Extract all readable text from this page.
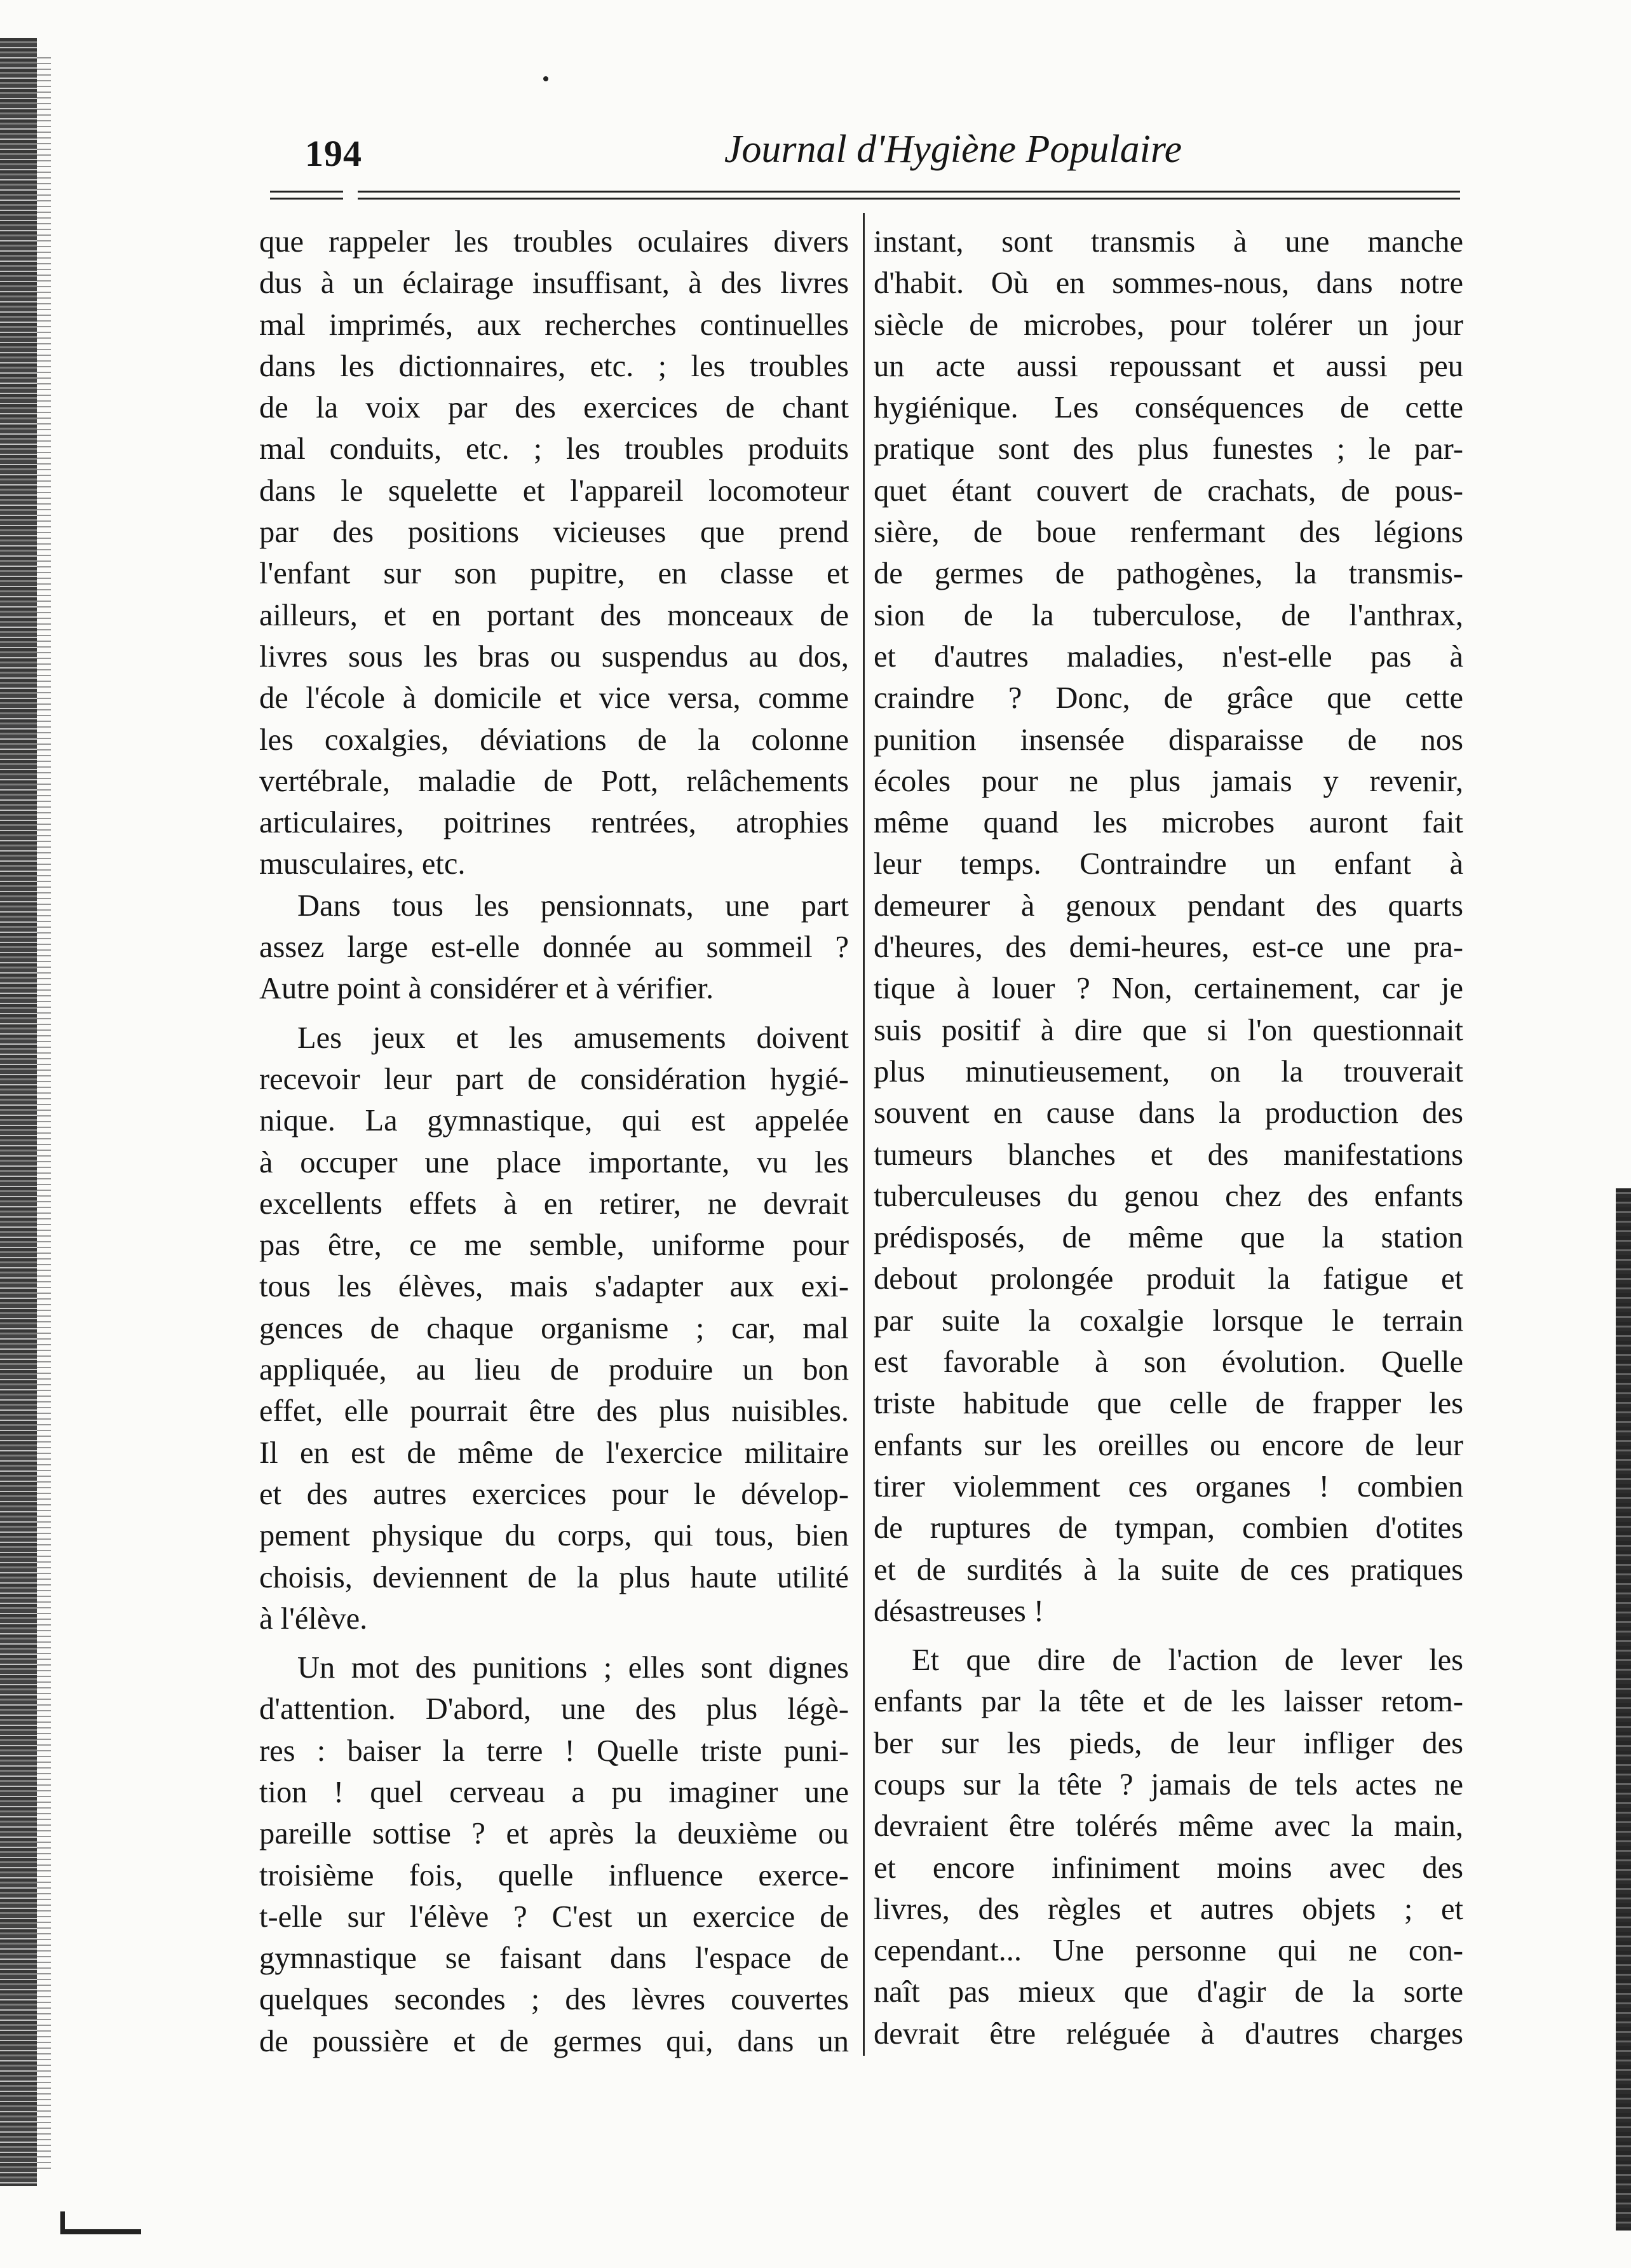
194	Journal d'Hygiène Populaire
que rappeler les troubles oculaires divers
dus à un éclairage insuffisant, à des livres
mal imprimés, aux recherches continuelles
dans les dictionnaires, etc. ; les troubles
de la voix par des exercices de chant
mal conduits, etc. ; les troubles produits
dans le squelette et l'appareil locomoteur
par des positions vicieuses que prend
l'enfant sur son pupitre, en classe et
ailleurs, et en portant des monceaux de
livres sous les bras ou suspendus au dos,
de l'école à domicile et vice versa, comme
les coxalgies, déviations de la colonne
vertébrale, maladie de Pott, relâchements
articulaires, poitrines rentrées, atrophies
musculaires, etc.
Dans tous les pensionnats, une part
assez large est-elle donnée au sommeil ?
Autre point à considérer et à vérifier.
Les jeux et les amusements doivent
recevoir leur part de considération hygié-
nique. La gymnastique, qui est appelée
à occuper une place importante, vu les
excellents effets à en retirer, ne devrait
pas être, ce me semble, uniforme pour
tous les élèves, mais s'adapter aux exi-
gences de chaque organisme ; car, mal
appliquée, au lieu de produire un bon
effet, elle pourrait être des plus nuisibles.
Il en est de même de l'exercice militaire
et des autres exercices pour le dévelop-
pement physique du corps, qui tous, bien
choisis, deviennent de la plus haute utilité
à l'élève.
Un mot des punitions ; elles sont dignes
d'attention. D'abord, une des plus légè-
res : baiser la terre ! Quelle triste puni-
tion ! quel cerveau a pu imaginer une
pareille sottise ? et après la deuxième ou
troisième fois, quelle influence exerce-
t-elle sur l'élève ? C'est un exercice de
gymnastique se faisant dans l'espace de
quelques secondes ; des lèvres couvertes
de poussière et de germes qui, dans un
instant, sont transmis à une manche
d'habit. Où en sommes-nous, dans notre
siècle de microbes, pour tolérer un jour
un acte aussi repoussant et aussi peu
hygiénique. Les conséquences de cette
pratique sont des plus funestes ; le par-
quet étant couvert de crachats, de pous-
sière, de boue renfermant des légions
de germes de pathogènes, la transmis-
sion de la tuberculose, de l'anthrax,
et d'autres maladies, n'est-elle pas à
craindre ? Donc, de grâce que cette
punition insensée disparaisse de nos
écoles pour ne plus jamais y revenir,
même quand les microbes auront fait
leur temps. Contraindre un enfant à
demeurer à genoux pendant des quarts
d'heures, des demi-heures, est-ce une pra-
tique à louer ? Non, certainement, car je
suis positif à dire que si l'on questionnait
plus minutieusement, on la trouverait
souvent en cause dans la production des
tumeurs blanches et des manifestations
tuberculeuses du genou chez des enfants
prédisposés, de même que la station
debout prolongée produit la fatigue et
par suite la coxalgie lorsque le terrain
est favorable à son évolution. Quelle
triste habitude que celle de frapper les
enfants sur les oreilles ou encore de leur
tirer violemment ces organes ! combien
de ruptures de tympan, combien d'otites
et de surdités à la suite de ces pratiques
désastreuses !
Et que dire de l'action de lever les
enfants par la tête et de les laisser retom-
ber sur les pieds, de leur infliger des
coups sur la tête ? jamais de tels actes ne
devraient être tolérés même avec la main,
et encore infiniment moins avec des
livres, des règles et autres objets ; et
cependant... Une personne qui ne con-
naît pas mieux que d'agir de la sorte
devrait être reléguée à d'autres charges
